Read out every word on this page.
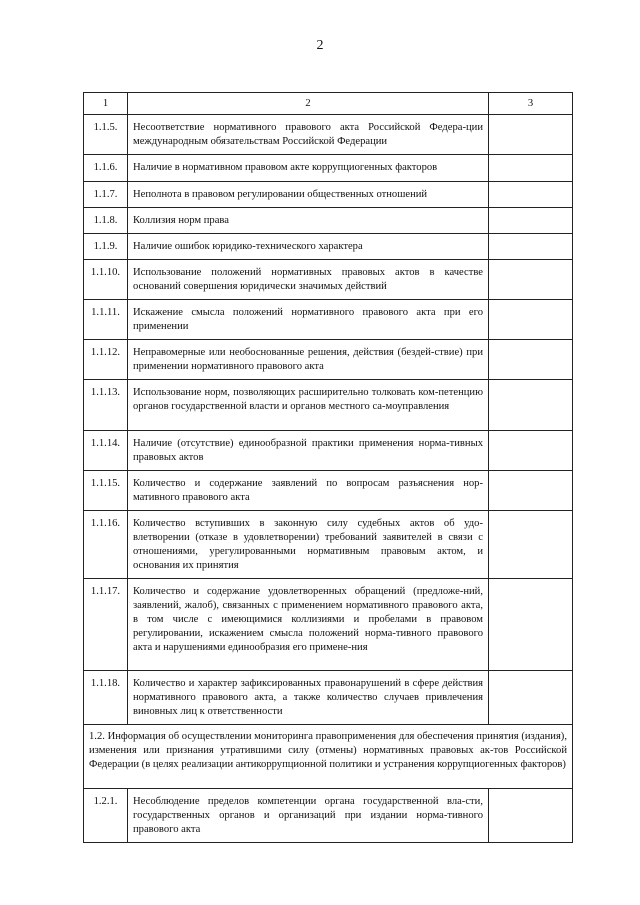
2
1	2	3
1.1.5.	Несоответствие нормативного правового акта Российской Федера-ции международным обязательствам Российской Федерации	
1.1.6.	Наличие в нормативном правовом акте коррупциогенных факторов	
1.1.7.	Неполнота в правовом регулировании общественных отношений	
1.1.8.	Коллизия норм права	
1.1.9.	Наличие ошибок юридико-технического характера	
1.1.10.	Использование положений нормативных правовых актов в качестве оснований совершения юридически значимых действий	
1.1.11.	Искажение смысла положений нормативного правового акта при его применении	
1.1.12.	Неправомерные или необоснованные решения, действия (бездей-ствие) при применении нормативного правового акта	
1.1.13.	Использование норм, позволяющих расширительно толковать ком-петенцию органов государственной власти и органов местного са-моуправления	
1.1.14.	Наличие (отсутствие) единообразной практики применения норма-тивных правовых актов	
1.1.15.	Количество и содержание заявлений по вопросам разъяснения нор-мативного правового акта	
1.1.16.	Количество вступивших в законную силу судебных актов об удо-влетворении (отказе в удовлетворении) требований заявителей в связи с отношениями, урегулированными нормативным правовым актом, и основания их принятия	
1.1.17.	Количество и содержание удовлетворенных обращений (предложе-ний, заявлений, жалоб), связанных с применением нормативного правового акта, в том числе с имеющимися коллизиями и пробелами в правовом регулировании, искажением смысла положений норма-тивного правового акта и нарушениями единообразия его примене-ния	
1.1.18.	Количество и характер зафиксированных правонарушений в сфере действия нормативного правового акта, а также количество случаев привлечения виновных лиц к ответственности	
1.2. Информация об осуществлении мониторинга правоприменения для обеспечения принятия (издания), изменения или признания утратившими силу (отмены) нормативных правовых ак-тов Российской Федерации (в целях реализации антикоррупционной политики и устранения коррупциогенных факторов)		
1.2.1.	Несоблюдение пределов компетенции органа государственной вла-сти, государственных органов и организаций при издании норма-тивного правового акта	
